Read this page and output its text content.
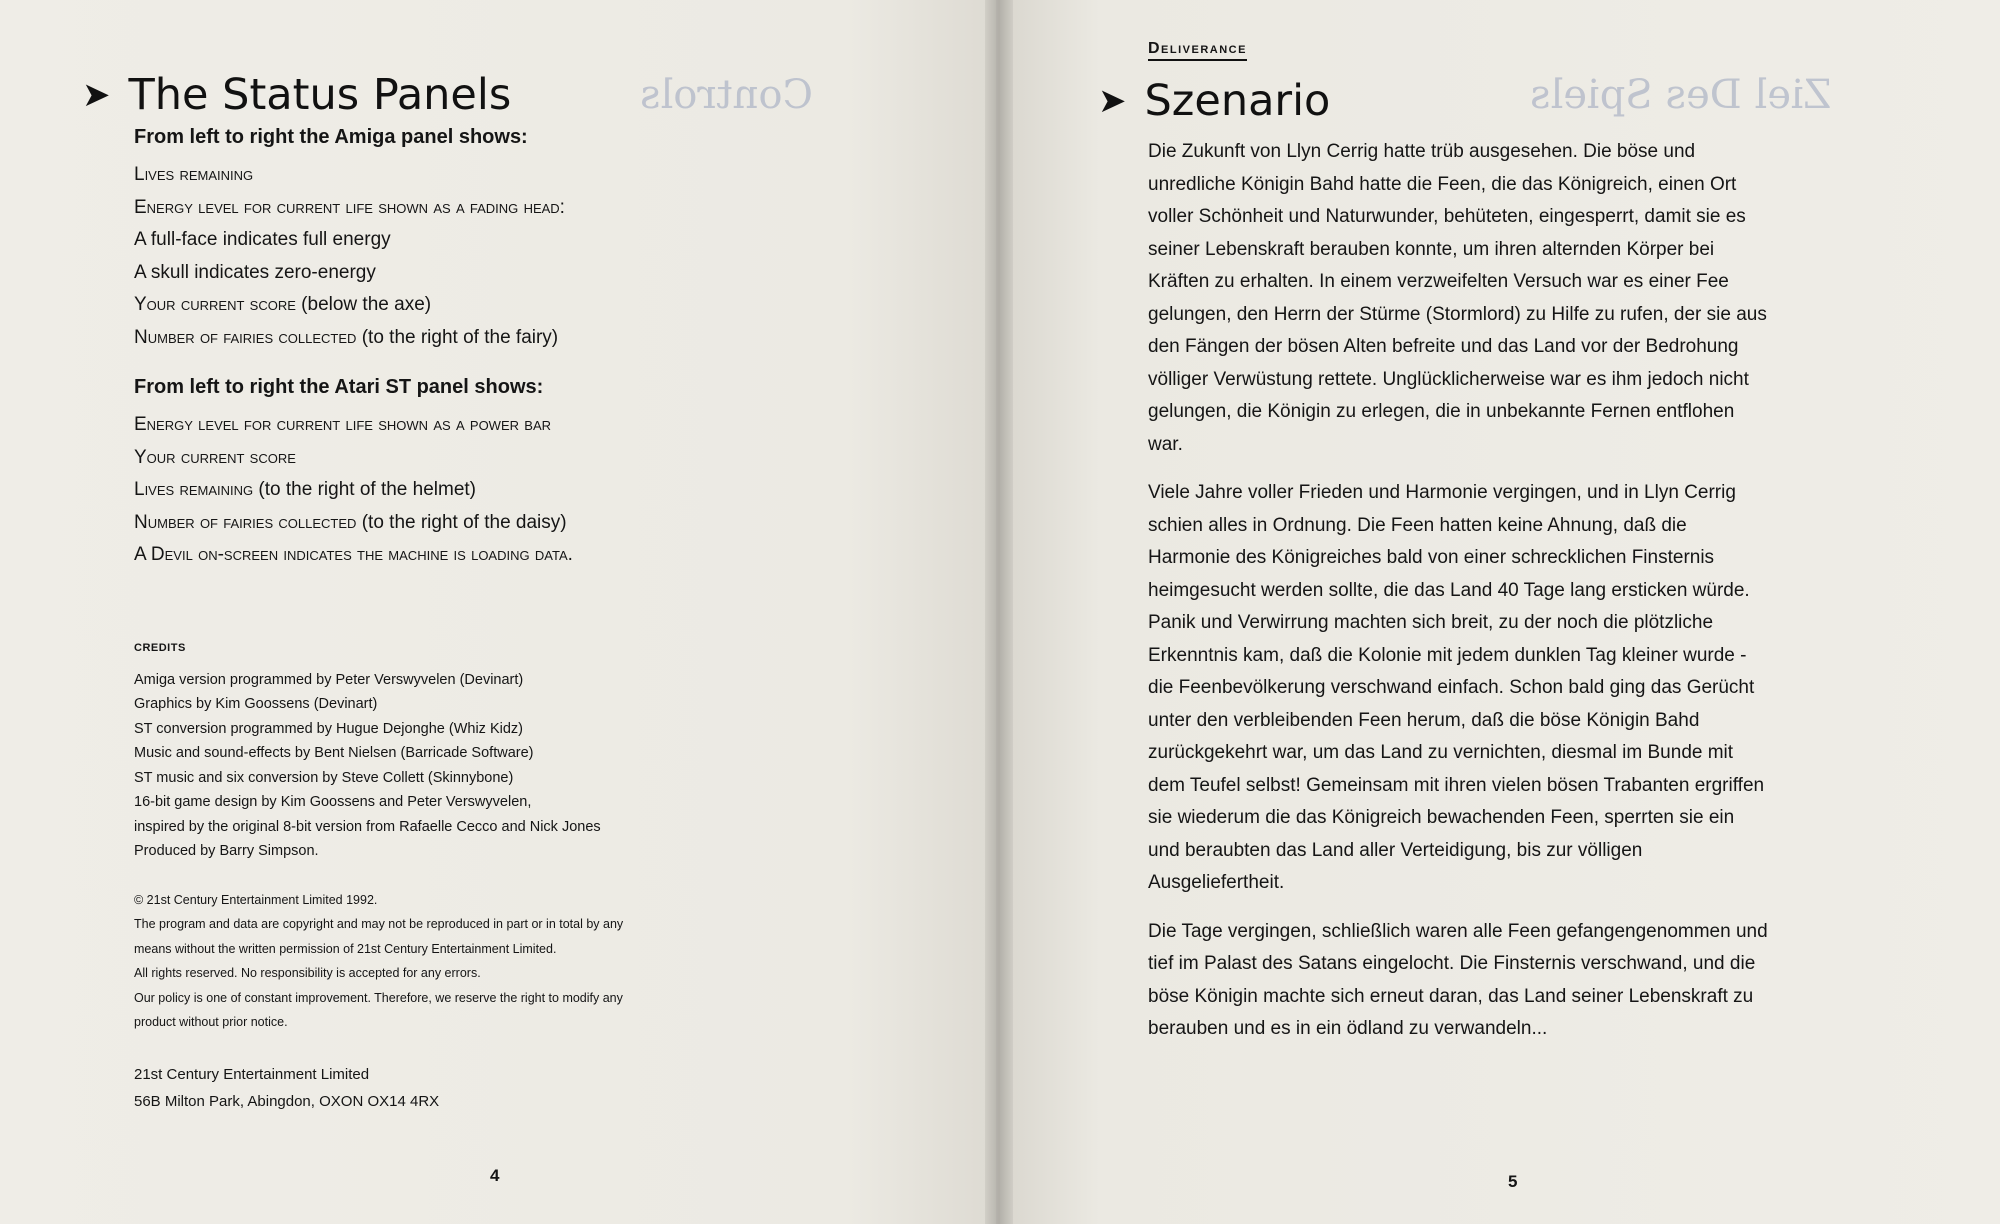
Controls
➤ The Status Panels
From left to right the Amiga panel shows:
Lives remaining
Energy level for current life shown as a fading head:
A full-face indicates full energy
A skull indicates zero-energy
Your current score (below the axe)
Number of fairies collected (to the right of the fairy)
From left to right the Atari ST panel shows:
Energy level for current life shown as a power bar
Your current score
Lives remaining (to the right of the helmet)
Number of fairies collected (to the right of the daisy)
A Devil on-screen indicates the machine is loading data.
credits
Amiga version programmed by Peter Verswyvelen (Devinart)
Graphics by Kim Goossens (Devinart)
ST conversion programmed by Hugue Dejonghe (Whiz Kidz)
Music and sound-effects by Bent Nielsen (Barricade Software)
ST music and six conversion by Steve Collett (Skinnybone)
16-bit game design by Kim Goossens and Peter Verswyvelen,
inspired by the original 8-bit version from Rafaelle Cecco and Nick Jones
Produced by Barry Simpson.
© 21st Century Entertainment Limited 1992.
The program and data are copyright and may not be reproduced in part or in total by any
means without the written permission of 21st Century Entertainment Limited.
All rights reserved. No responsibility is accepted for any errors.
Our policy is one of constant improvement. Therefore, we reserve the right to modify any
product without prior notice.
21st Century Entertainment Limited
56B Milton Park, Abingdon, OXON OX14 4RX
4
Ziel Des Spiels
Deliverance
➤ Szenario
Die Zukunft von Llyn Cerrig hatte trüb ausgesehen. Die böse und
unredliche Königin Bahd hatte die Feen, die das Königreich, einen Ort
voller Schönheit und Naturwunder, behüteten, eingesperrt, damit sie es
seiner Lebenskraft berauben konnte, um ihren alternden Körper bei
Kräften zu erhalten. In einem verzweifelten Versuch war es einer Fee
gelungen, den Herrn der Stürme (Stormlord) zu Hilfe zu rufen, der sie aus
den Fängen der bösen Alten befreite und das Land vor der Bedrohung
völliger Verwüstung rettete. Unglücklicherweise war es ihm jedoch nicht
gelungen, die Königin zu erlegen, die in unbekannte Fernen entflohen
war.
Viele Jahre voller Frieden und Harmonie vergingen, und in Llyn Cerrig
schien alles in Ordnung. Die Feen hatten keine Ahnung, daß die
Harmonie des Königreiches bald von einer schrecklichen Finsternis
heimgesucht werden sollte, die das Land 40 Tage lang ersticken würde.
Panik und Verwirrung machten sich breit, zu der noch die plötzliche
Erkenntnis kam, daß die Kolonie mit jedem dunklen Tag kleiner wurde -
die Feenbevölkerung verschwand einfach. Schon bald ging das Gerücht
unter den verbleibenden Feen herum, daß die böse Königin Bahd
zurückgekehrt war, um das Land zu vernichten, diesmal im Bunde mit
dem Teufel selbst! Gemeinsam mit ihren vielen bösen Trabanten ergriffen
sie wiederum die das Königreich bewachenden Feen, sperrten sie ein
und beraubten das Land aller Verteidigung, bis zur völligen
Ausgeliefertheit.
Die Tage vergingen, schließlich waren alle Feen gefangengenommen und
tief im Palast des Satans eingelocht. Die Finsternis verschwand, und die
böse Königin machte sich erneut daran, das Land seiner Lebenskraft zu
berauben und es in ein ödland zu verwandeln...
5
